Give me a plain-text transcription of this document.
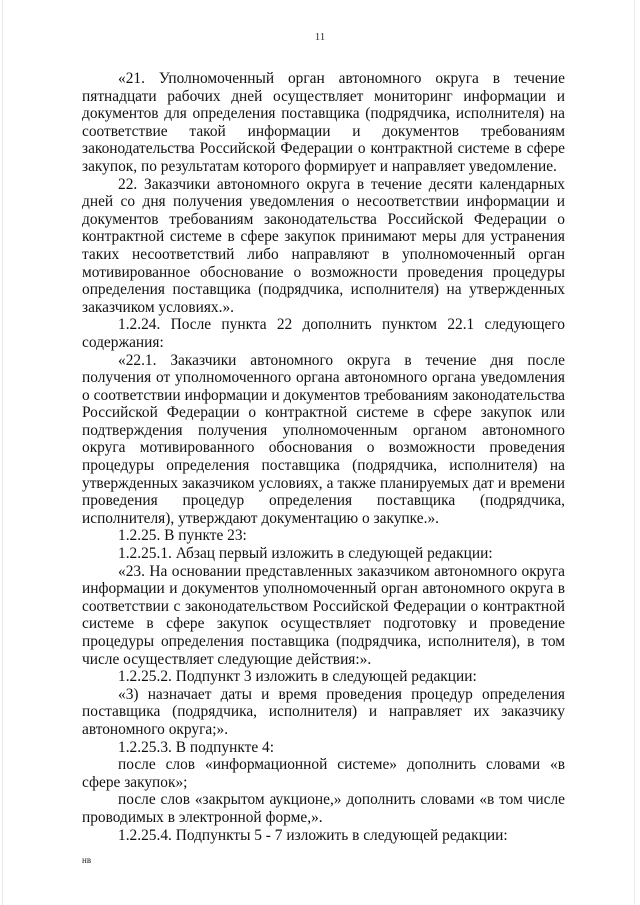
11

«21. Уполномоченный орган автономного округа в течение пятнадцати рабочих дней осуществляет мониторинг информации и документов для определения поставщика (подрядчика, исполнителя) на соответствие такой информации и документов требованиям законодательства Российской Федерации о контрактной системе в сфере закупок, по результатам которого формирует и направляет уведомление.

22. Заказчики автономного округа в течение десяти календарных дней со дня получения уведомления о несоответствии информации и документов требованиям законодательства Российской Федерации о контрактной системе в сфере закупок принимают меры для устранения таких несоответствий либо направляют в уполномоченный орган мотивированное обоснование о возможности проведения процедуры определения поставщика (подрядчика, исполнителя) на утвержденных заказчиком условиях.».

1.2.24. После пункта 22 дополнить пунктом 22.1 следующего содержания:

«22.1. Заказчики автономного округа в течение дня после получения от уполномоченного органа автономного органа уведомления о соответствии информации и документов требованиям законодательства Российской Федерации о контрактной системе в сфере закупок или подтверждения получения уполномоченным органом автономного округа мотивированного обоснования о возможности проведения процедуры определения поставщика (подрядчика, исполнителя) на утвержденных заказчиком условиях, а также планируемых дат и времени проведения процедур определения поставщика (подрядчика, исполнителя), утверждают документацию о закупке.».

1.2.25. В пункте 23:

1.2.25.1. Абзац первый изложить в следующей редакции:

«23. На основании представленных заказчиком автономного округа информации и документов уполномоченный орган автономного округа в соответствии с законодательством Российской Федерации о контрактной системе в сфере закупок осуществляет подготовку и проведение процедуры определения поставщика (подрядчика, исполнителя), в том числе осуществляет следующие действия:».

1.2.25.2. Подпункт 3 изложить в следующей редакции:

«3) назначает даты и время проведения процедур определения поставщика (подрядчика, исполнителя) и направляет их заказчику автономного округа;».

1.2.25.3. В подпункте 4:

после слов «информационной системе» дополнить словами «в сфере закупок»;

после слов «закрытом аукционе,» дополнить словами «в том числе проводимых в электронной форме,».

1.2.25.4. Подпункты 5 - 7 изложить в следующей редакции:

нв
